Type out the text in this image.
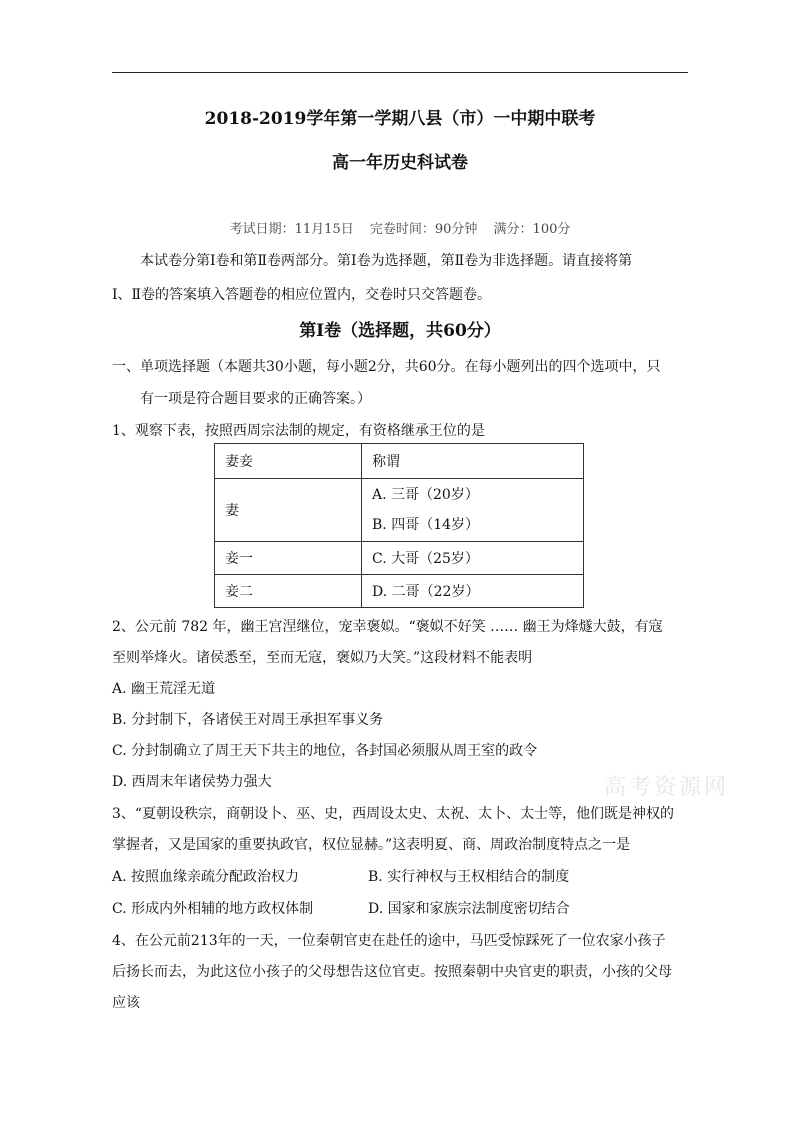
2018-2019学年第一学期八县（市）一中期中联考
高一年历史科试卷
考试日期：11月15日 完卷时间：90分钟 满分：100分
本试卷分第Ⅰ卷和第Ⅱ卷两部分。第Ⅰ卷为选择题，第Ⅱ卷为非选择题。请直接将第
Ⅰ、Ⅱ卷的答案填入答题卷的相应位置内，交卷时只交答题卷。
第Ⅰ卷（选择题，共60分）
一、单项选择题（本题共30小题，每小题2分，共60分。在每小题列出的四个选项中，只
有一项是符合题目要求的正确答案。）
1、观察下表，按照西周宗法制的规定，有资格继承王位的是
妻妾	称谓
妻	A. 三哥（20岁）
B. 四哥（14岁）

妾一	C. 大哥（25岁）
妾二	D. 二哥（22岁）
2、公元前 782 年，幽王宫涅继位，宠幸褒姒。“褒姒不好笑 …… 幽王为烽燧大鼓，有寇
至则举烽火。诸侯悉至，至而无寇，褒姒乃大笑。”这段材料不能表明
A. 幽王荒淫无道
B. 分封制下，各诸侯王对周王承担军事义务
C. 分封制确立了周王天下共主的地位，各封国必须服从周王室的政令
D. 西周末年诸侯势力强大
3、“夏朝设秩宗，商朝设卜、巫、史，西周设太史、太祝、太卜、太士等，他们既是神权的
掌握者，又是国家的重要执政官，权位显赫。”这表明夏、商、周政治制度特点之一是
A. 按照血缘亲疏分配政治权力	B. 实行神权与王权相结合的制度
C. 形成内外相辅的地方政权体制	D. 国家和家族宗法制度密切结合
4、在公元前213年的一天，一位秦朝官吏在赴任的途中，马匹受惊踩死了一位农家小孩子
后扬长而去，为此这位小孩子的父母想告这位官吏。按照秦朝中央官吏的职责，小孩的父母
应该
高考资源网
